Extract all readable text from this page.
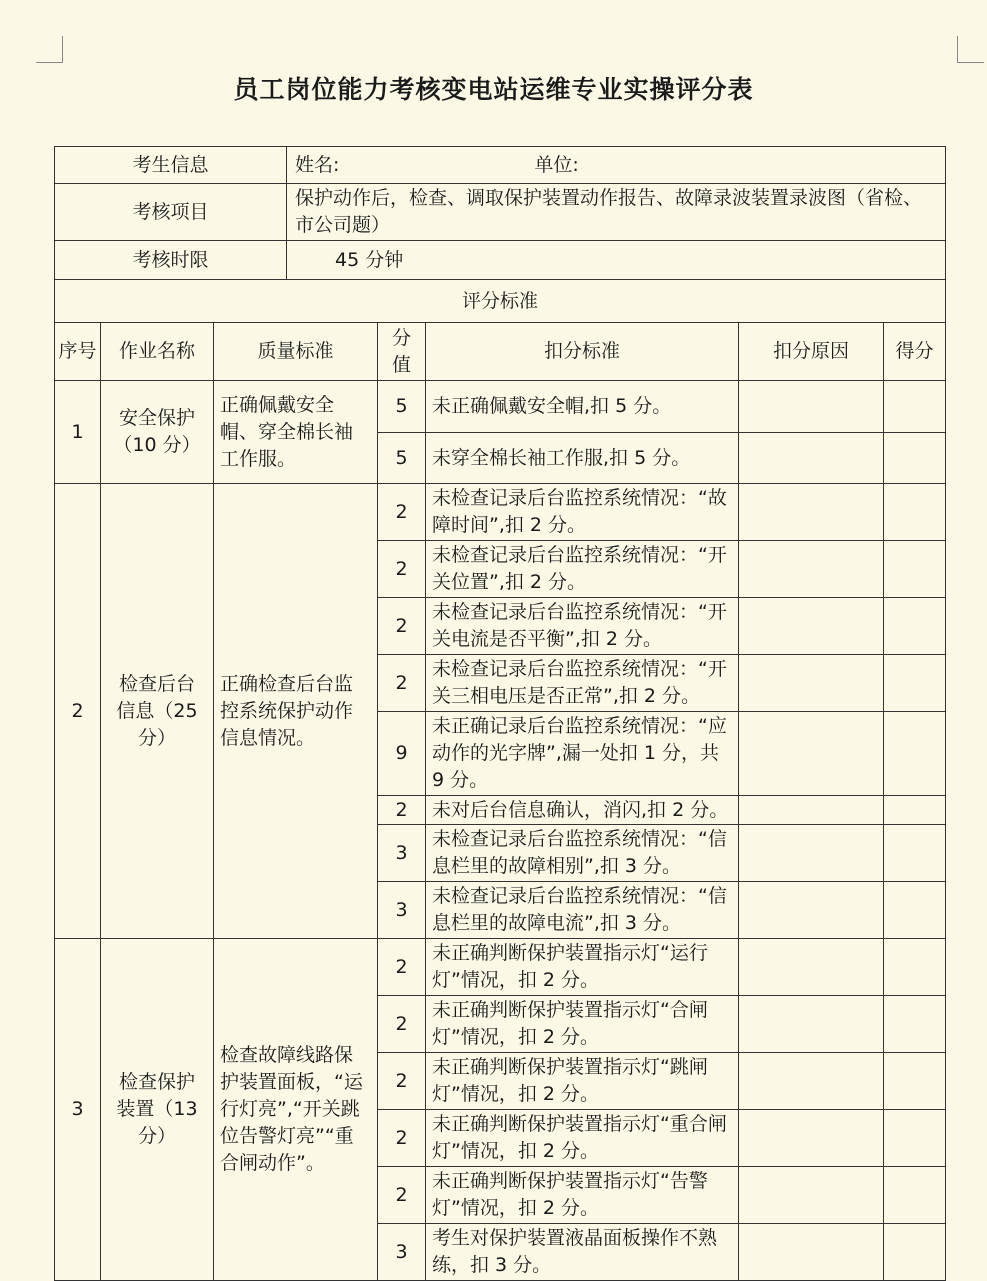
员工岗位能力考核变电站运维专业实操评分表
考生信息			姓名: 单位:				
考核项目			保护动作后，检查、调取保护装置动作报告、故障录波装置录波图（省检、市公司题）				
考核时限			45 分钟				
评分标准							
序号	作业名称	质量标准		分值	扣分标准	扣分原因	得分
1	安全保护（10 分）	正确佩戴安全帽、穿全棉长袖工作服。		5	未正确佩戴安全帽,扣 5 分。		
				5	未穿全棉长袖工作服,扣 5 分。		
2	检查后台信息（25 分）	正确检查后台监控系统保护动作信息情况。		2	未检查记录后台监控系统情况：“故障时间”,扣 2 分。		
				2	未检查记录后台监控系统情况：“开关位置”,扣 2 分。		
				2	未检查记录后台监控系统情况：“开关电流是否平衡”,扣 2 分。		
				2	未检查记录后台监控系统情况：“开关三相电压是否正常”,扣 2 分。		
				9	未正确记录后台监控系统情况：“应动作的光字牌”,漏一处扣 1 分，共 9 分。		
				2	未对后台信息确认，消闪,扣 2 分。		
				3	未检查记录后台监控系统情况：“信息栏里的故障相别”,扣 3 分。		
				3	未检查记录后台监控系统情况：“信息栏里的故障电流”,扣 3 分。		
3	检查保护装置（13 分）	检查故障线路保护装置面板，“运行灯亮”,“开关跳位告警灯亮”“重合闸动作”。		2	未正确判断保护装置指示灯“运行灯”情况，扣 2 分。		
				2	未正确判断保护装置指示灯“合闸灯”情况，扣 2 分。		
				2	未正确判断保护装置指示灯“跳闸灯”情况，扣 2 分。		
				2	未正确判断保护装置指示灯“重合闸灯”情况，扣 2 分。		
				2	未正确判断保护装置指示灯“告警灯”情况，扣 2 分。		
				3	考生对保护装置液晶面板操作不熟练，扣 3 分。		
